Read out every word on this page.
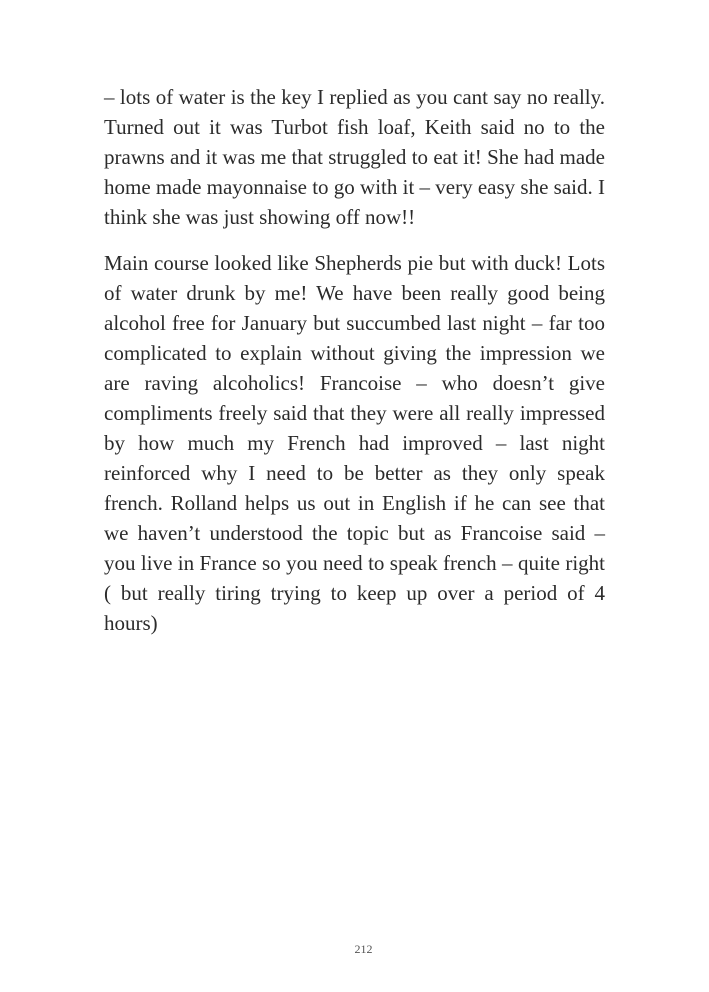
– lots of water is the key I replied as you cant say no really. Turned out it was Turbot fish loaf, Keith said no to the prawns and it was me that struggled to eat it! She had made home made mayonnaise to go with it – very easy she said. I think she was just showing off now!!

Main course looked like Shepherds pie but with duck! Lots of water drunk by me! We have been really good being alcohol free for January but succumbed last night – far too complicated to explain without giving the impression we are raving alcoholics! Francoise – who doesn’t give compliments freely said that they were all really impressed by how much my French had improved – last night reinforced why I need to be better as they only speak french. Rolland helps us out in English if he can see that we haven’t understood the topic but as Francoise said – you live in France so you need to speak french – quite right ( but really tiring trying to keep up over a period of 4 hours)

212
